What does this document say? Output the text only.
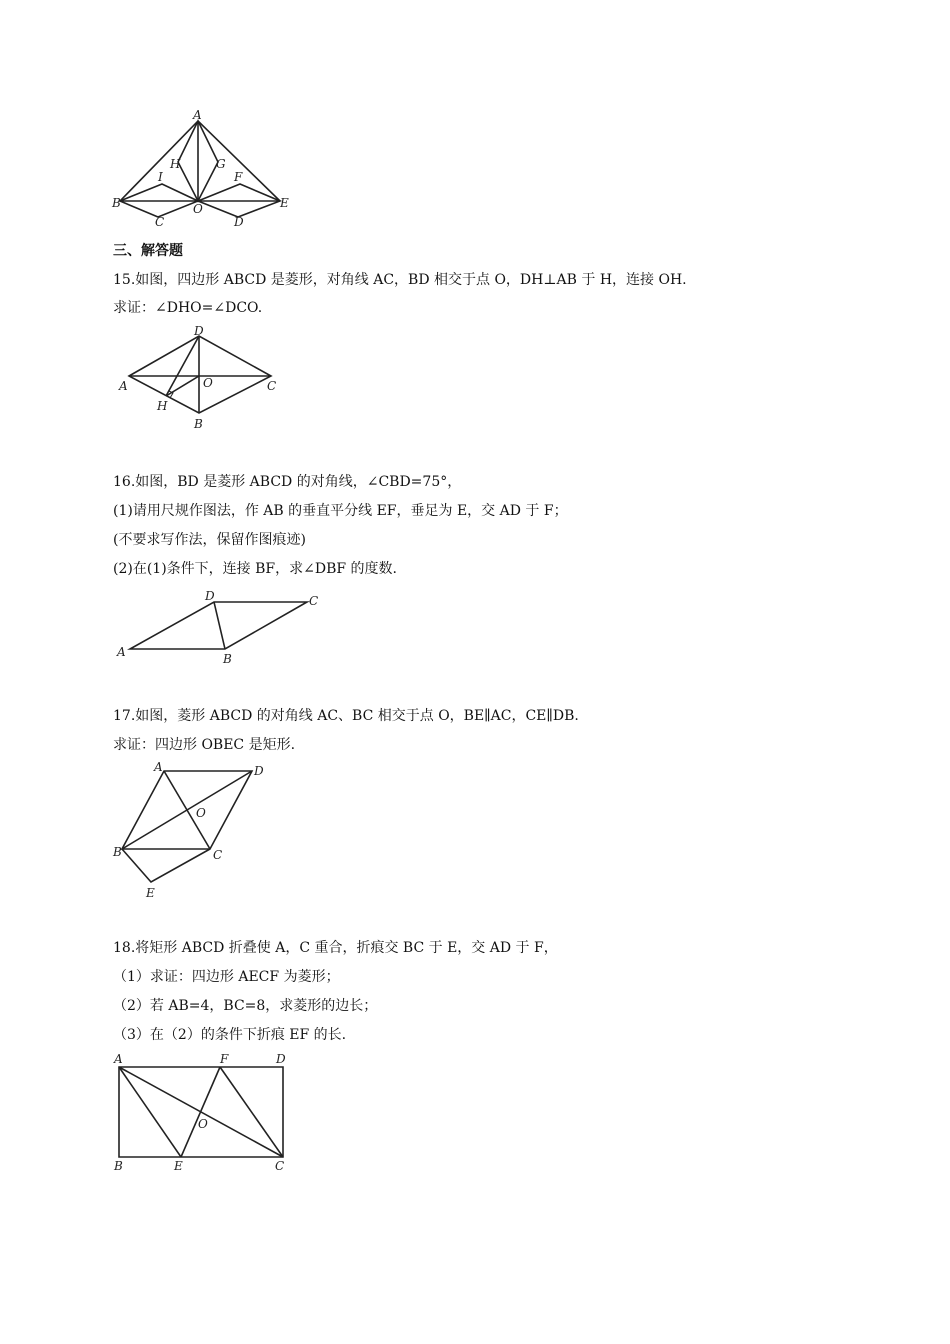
A
B
C	D
E
F
G
H
I
O
三、解答题
15.如图，四边形 ABCD 是菱形，对角线 AC，BD 相交于点 O，DH⊥AB 于 H，连接 OH.
求证：∠DHO=∠DCO.
D
A	O	C
H
B
16.如图，BD 是菱形 ABCD 的对角线，∠CBD=75°，
(1)请用尺规作图法，作 AB 的垂直平分线 EF，垂足为 E，交 AD 于 F；
(不要求写作法，保留作图痕迹)
(2)在(1)条件下，连接 BF，求∠DBF 的度数.
D	C
A	B
17.如图，菱形 ABCD 的对角线 AC、BC 相交于点 O，BE∥AC，CE∥DB.
求证：四边形 OBEC 是矩形.
A	D
O
B	C
E
18.将矩形 ABCD 折叠使 A，C 重合，折痕交 BC 于 E，交 AD 于 F，
（1）求证：四边形 AECF 为菱形；
（2）若 AB=4，BC=8，求菱形的边长；
（3）在（2）的条件下折痕 EF 的长.
A	F	D
O
B	E	C
